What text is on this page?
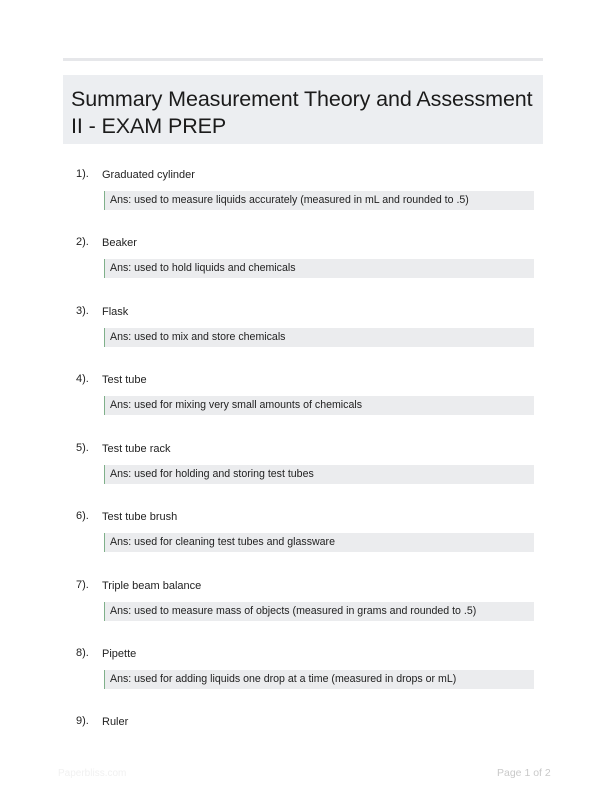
Summary Measurement Theory and Assessment II - EXAM PREP
1). Graduated cylinder
Ans: used to measure liquids accurately (measured in mL and rounded to .5)
2). Beaker
Ans: used to hold liquids and chemicals
3). Flask
Ans: used to mix and store chemicals
4). Test tube
Ans: used for mixing very small amounts of chemicals
5). Test tube rack
Ans: used for holding and storing test tubes
6). Test tube brush
Ans: used for cleaning test tubes and glassware
7). Triple beam balance
Ans: used to measure mass of objects (measured in grams and rounded to .5)
8). Pipette
Ans: used for adding liquids one drop at a time (measured in drops or mL)
9). Ruler
Paperbliss.com	Page 1 of 2
